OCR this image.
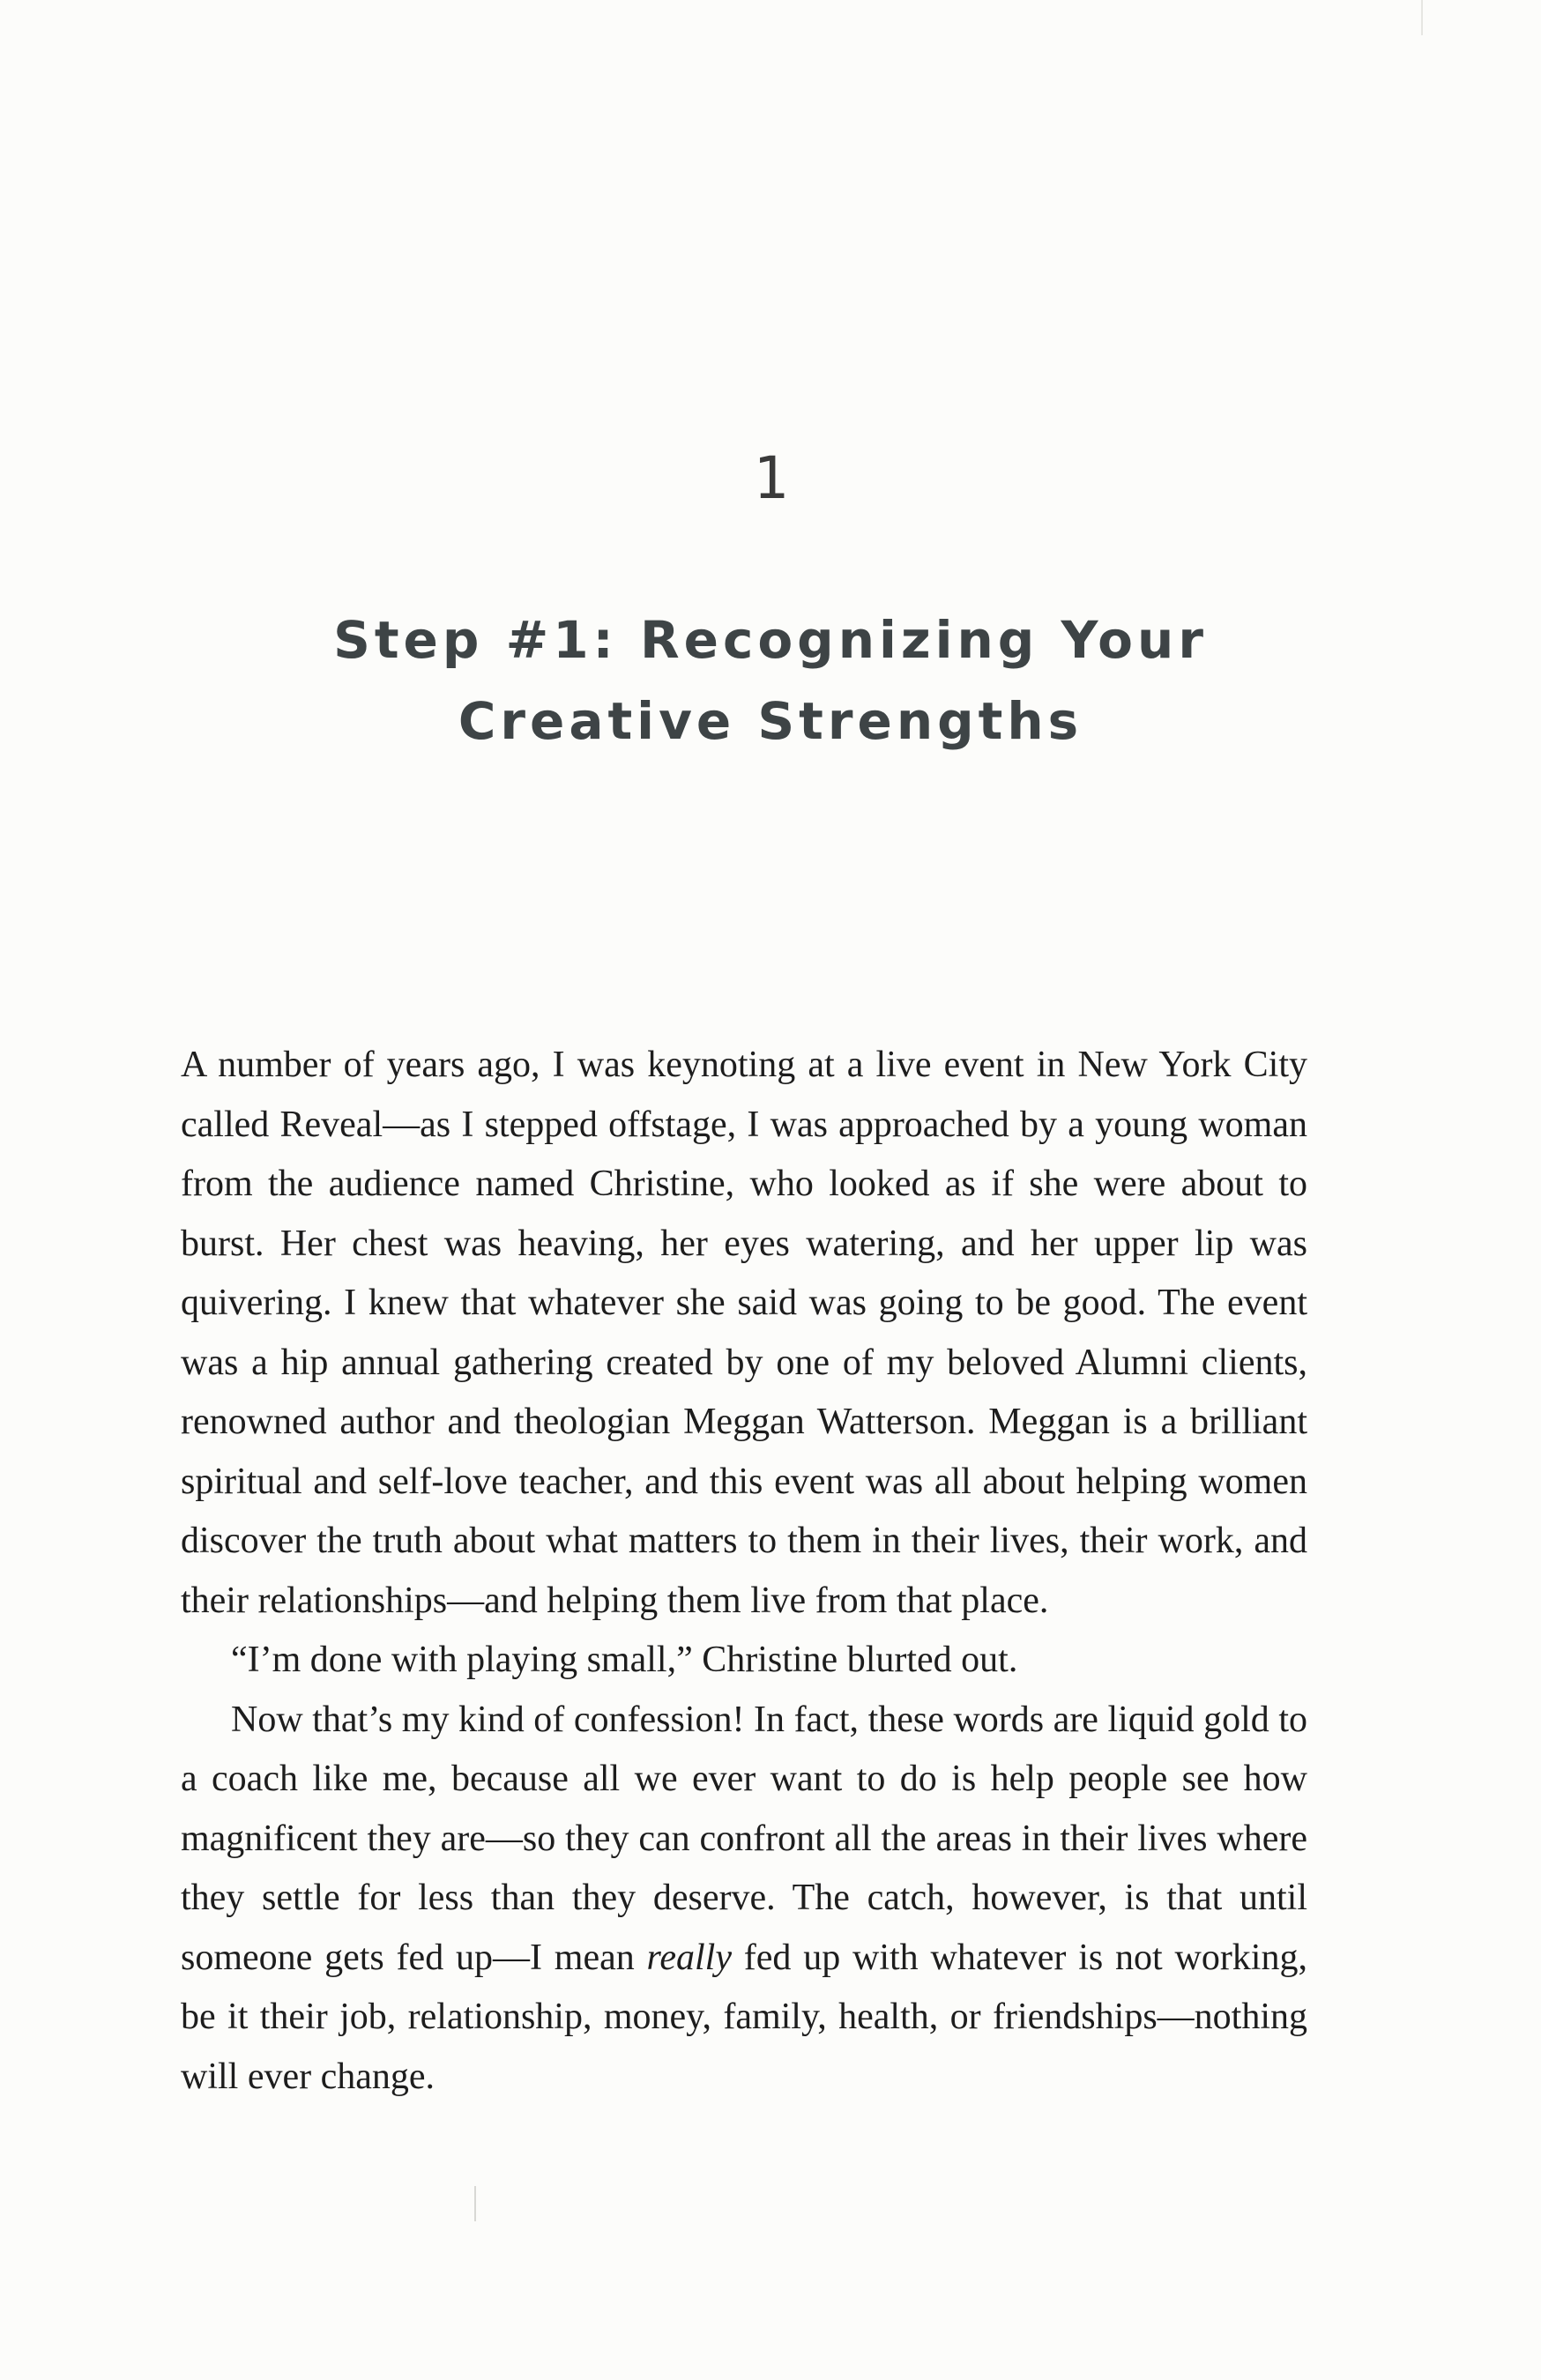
1
Step #1: Recognizing Your
Creative Strengths

A number of years ago, I was keynoting at a live event in New York City called Reveal—as I stepped offstage, I was approached by a young woman from the audience named Christine, who looked as if she were about to burst. Her chest was heaving, her eyes watering, and her upper lip was quivering. I knew that whatever she said was going to be good. The event was a hip annual gathering created by one of my beloved Alumni clients, renowned author and theologian Meggan Watterson. Meggan is a brilliant spiritual and self-love teacher, and this event was all about helping women discover the truth about what matters to them in their lives, their work, and their relationships—and helping them live from that place.

“I’m done with playing small,” Christine blurted out.

Now that’s my kind of confession! In fact, these words are liquid gold to a coach like me, because all we ever want to do is help people see how magnificent they are—so they can confront all the areas in their lives where they settle for less than they deserve. The catch, however, is that until someone gets fed up—I mean really fed up with whatever is not working, be it their job, relationship, money, family, health, or friendships—nothing will ever change.
